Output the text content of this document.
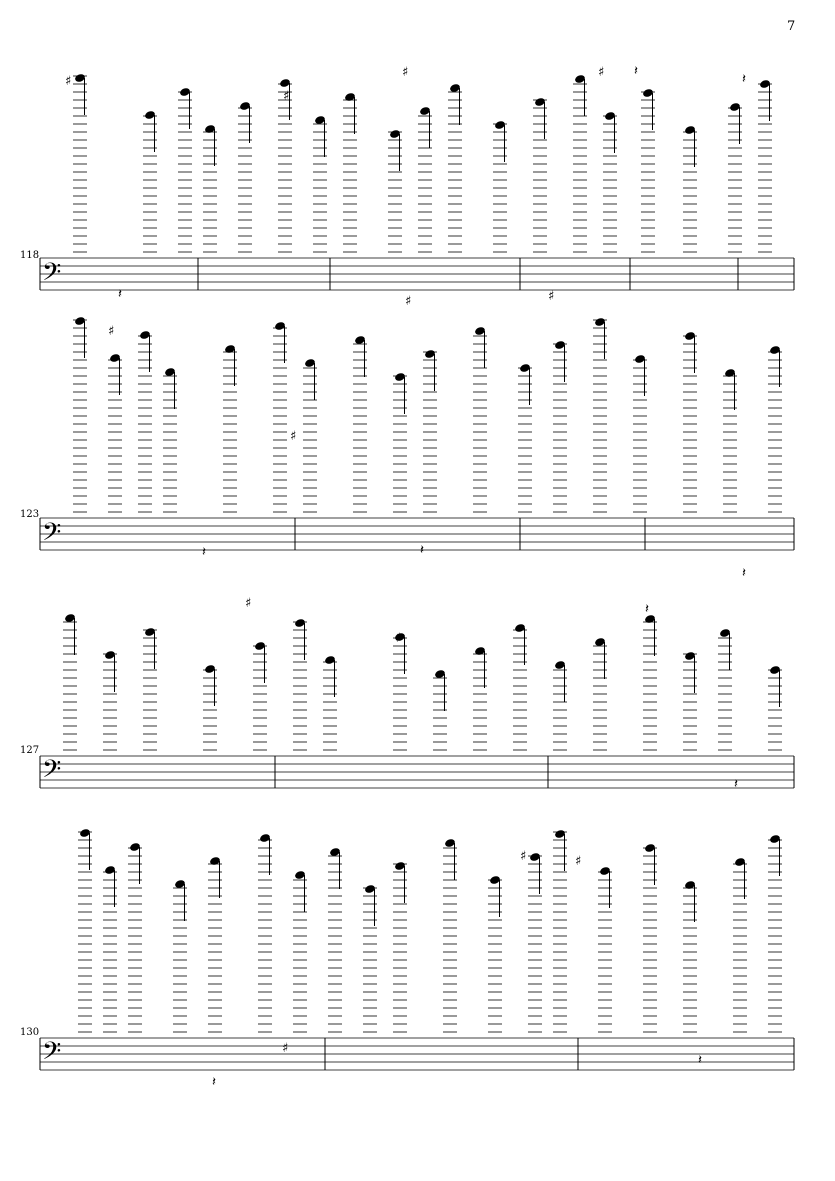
7
118
123
127
130
𝄢
𝄢
𝄢
𝄢
♯
♯
♯	♯
♯
♯	♯
♯
♯
♯
♯
♯
♯
𝄽
𝄽
𝄽
𝄽	𝄽
𝄽
𝄽
𝄽
𝄽
𝄽
